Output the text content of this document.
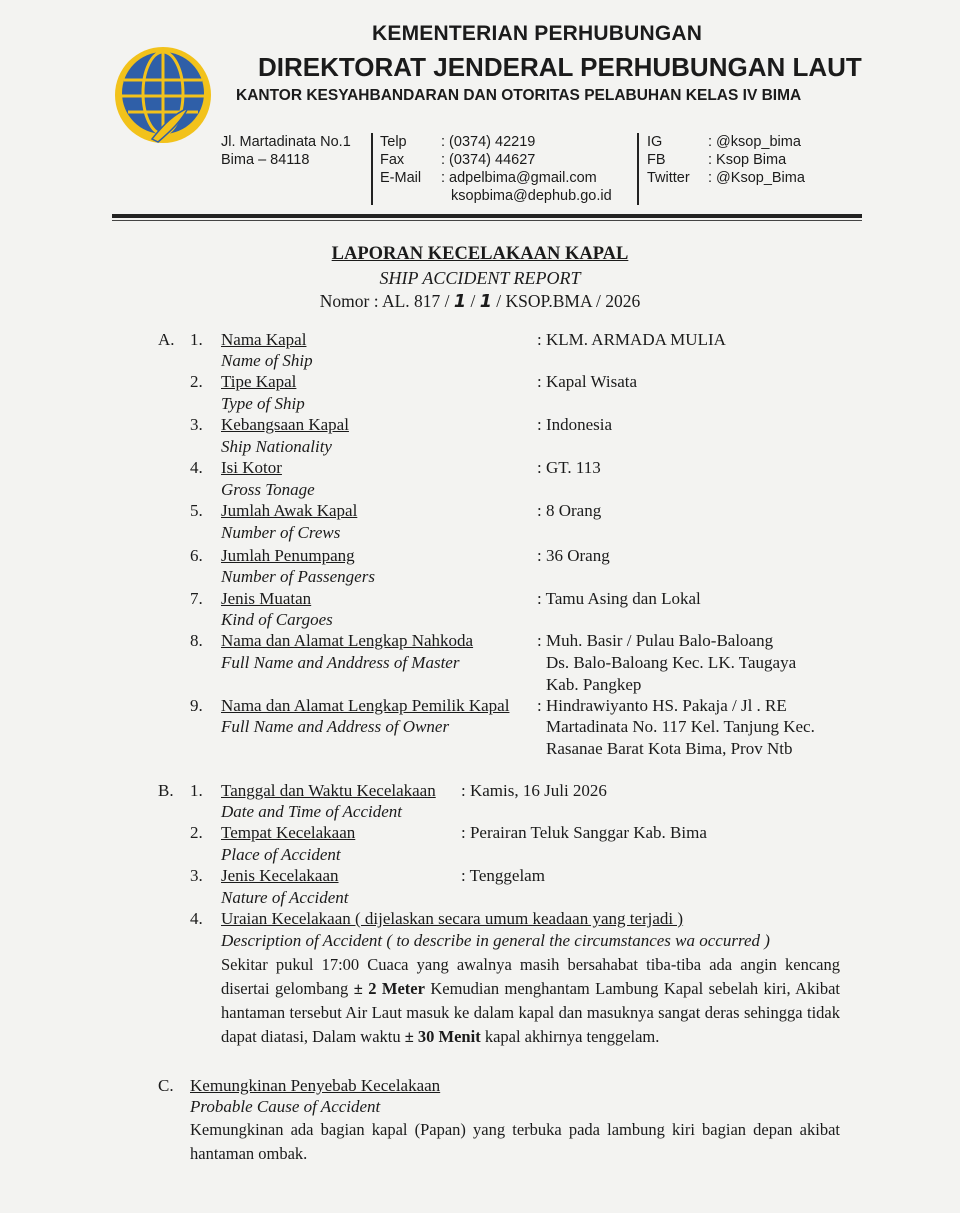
KEMENTERIAN PERHUBUNGAN
DIREKTORAT JENDERAL PERHUBUNGAN LAUT
KANTOR KESYAHBANDARAN DAN OTORITAS PELABUHAN KELAS IV BIMA
Jl. Martadinata No.1
Bima – 84118
Telp
Fax
E-Mail
: (0374) 42219
: (0374) 44627
: adpelbima@gmail.com
ksopbima@dephub.go.id
IG
FB
Twitter
: @ksop_bima
: Ksop Bima
: @Ksop_Bima
LAPORAN KECELAKAAN KAPAL
SHIP ACCIDENT REPORT
Nomor : AL. 817 / 1 / 1 / KSOP.BMA / 2026
A. 1. Nama Kapal
Name of Ship
: KLM. ARMADA MULIA
2. Tipe Kapal
Type of Ship
: Kapal Wisata
3. Kebangsaan Kapal
Ship Nationality
: Indonesia
4. Isi Kotor
Gross Tonage
: GT. 113
5. Jumlah Awak Kapal
Number of Crews
: 8 Orang
6. Jumlah Penumpang
Number of Passengers
: 36 Orang
7. Jenis Muatan
Kind of Cargoes
: Tamu Asing dan Lokal
8. Nama dan Alamat Lengkap Nahkoda
Full Name and Anddress of Master
: Muh. Basir / Pulau Balo-Baloang
Ds. Balo-Baloang Kec. LK. Taugaya
Kab. Pangkep
9. Nama dan Alamat Lengkap Pemilik Kapal
Full Name and Address of Owner
: Hindrawiyanto HS. Pakaja / Jl . RE
Martadinata No. 117 Kel. Tanjung Kec.
Rasanae Barat Kota Bima, Prov Ntb
B. 1. Tanggal dan Waktu Kecelakaan
Date and Time of Accident
: Kamis, 16 Juli 2026
2. Tempat Kecelakaan
Place of Accident
: Perairan Teluk Sanggar Kab. Bima
3. Jenis Kecelakaan
Nature of Accident
: Tenggelam
4. Uraian Kecelakaan ( dijelaskan secara umum keadaan yang terjadi )
Description of Accident ( to describe in general the circumstances wa occurred )
Sekitar pukul 17:00 Cuaca yang awalnya masih bersahabat tiba-tiba ada angin kencang disertai gelombang ± 2 Meter Kemudian menghantam Lambung Kapal sebelah kiri, Akibat hantaman tersebut Air Laut masuk ke dalam kapal dan masuknya sangat deras sehingga tidak dapat diatasi, Dalam waktu ± 30 Menit kapal akhirnya tenggelam.
C. Kemungkinan Penyebab Kecelakaan
Probable Cause of Accident
Kemungkinan ada bagian kapal (Papan) yang terbuka pada lambung kiri bagian depan akibat hantaman ombak.
